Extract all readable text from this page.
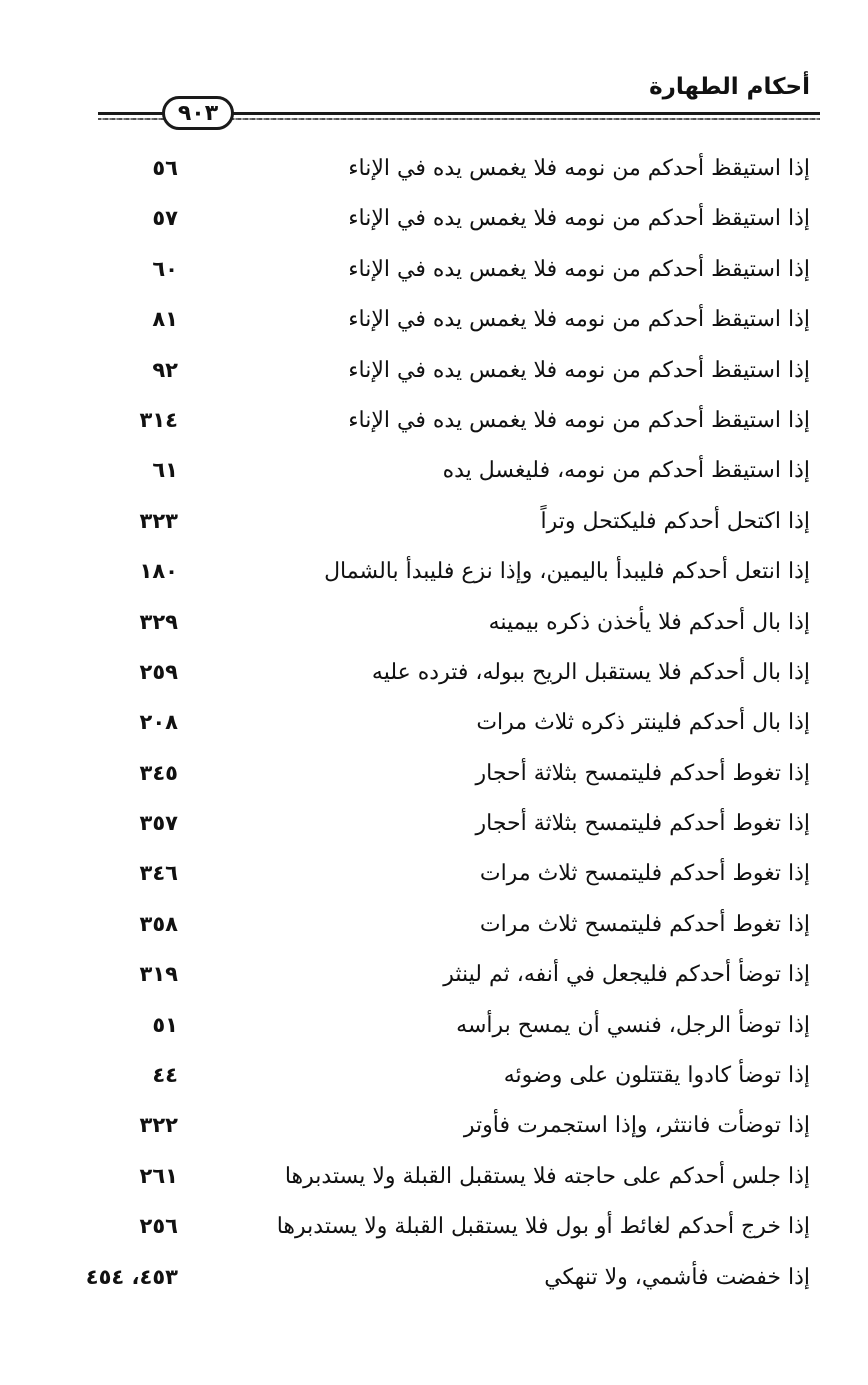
أحكام الطهارة
٩٠٣
إذا استيقظ أحدكم من نومه فلا يغمس يده في الإناء
٥٦
إذا استيقظ أحدكم من نومه فلا يغمس يده في الإناء
٥٧
إذا استيقظ أحدكم من نومه فلا يغمس يده في الإناء
٦٠
إذا استيقظ أحدكم من نومه فلا يغمس يده في الإناء
٨١
إذا استيقظ أحدكم من نومه فلا يغمس يده في الإناء
٩٢
إذا استيقظ أحدكم من نومه فلا يغمس يده في الإناء
٣١٤
إذا استيقظ أحدكم من نومه، فليغسل يده
٦١
إذا اكتحل أحدكم فليكتحل وتراً
٣٢٣
إذا انتعل أحدكم فليبدأ باليمين، وإذا نزع فليبدأ بالشمال
١٨٠
إذا بال أحدكم فلا يأخذن ذكره بيمينه
٣٢٩
إذا بال أحدكم فلا يستقبل الريح ببوله، فترده عليه
٢٥٩
إذا بال أحدكم فلينتر ذكره ثلاث مرات
٢٠٨
إذا تغوط أحدكم فليتمسح بثلاثة أحجار
٣٤٥
إذا تغوط أحدكم فليتمسح بثلاثة أحجار
٣٥٧
إذا تغوط أحدكم فليتمسح ثلاث مرات
٣٤٦
إذا تغوط أحدكم فليتمسح ثلاث مرات
٣٥٨
إذا توضأ أحدكم فليجعل في أنفه، ثم لينثر
٣١٩
إذا توضأ الرجل، فنسي أن يمسح برأسه
٥١
إذا توضأ كادوا يقتتلون على وضوئه
٤٤
إذا توضأت فانتثر، وإذا استجمرت فأوتر
٣٢٢
إذا جلس أحدكم على حاجته فلا يستقبل القبلة ولا يستدبرها
٢٦١
إذا خرج أحدكم لغائط أو بول فلا يستقبل القبلة ولا يستدبرها
٢٥٦
إذا خفضت فأشمي، ولا تنهكي
٤٥٣، ٤٥٤
